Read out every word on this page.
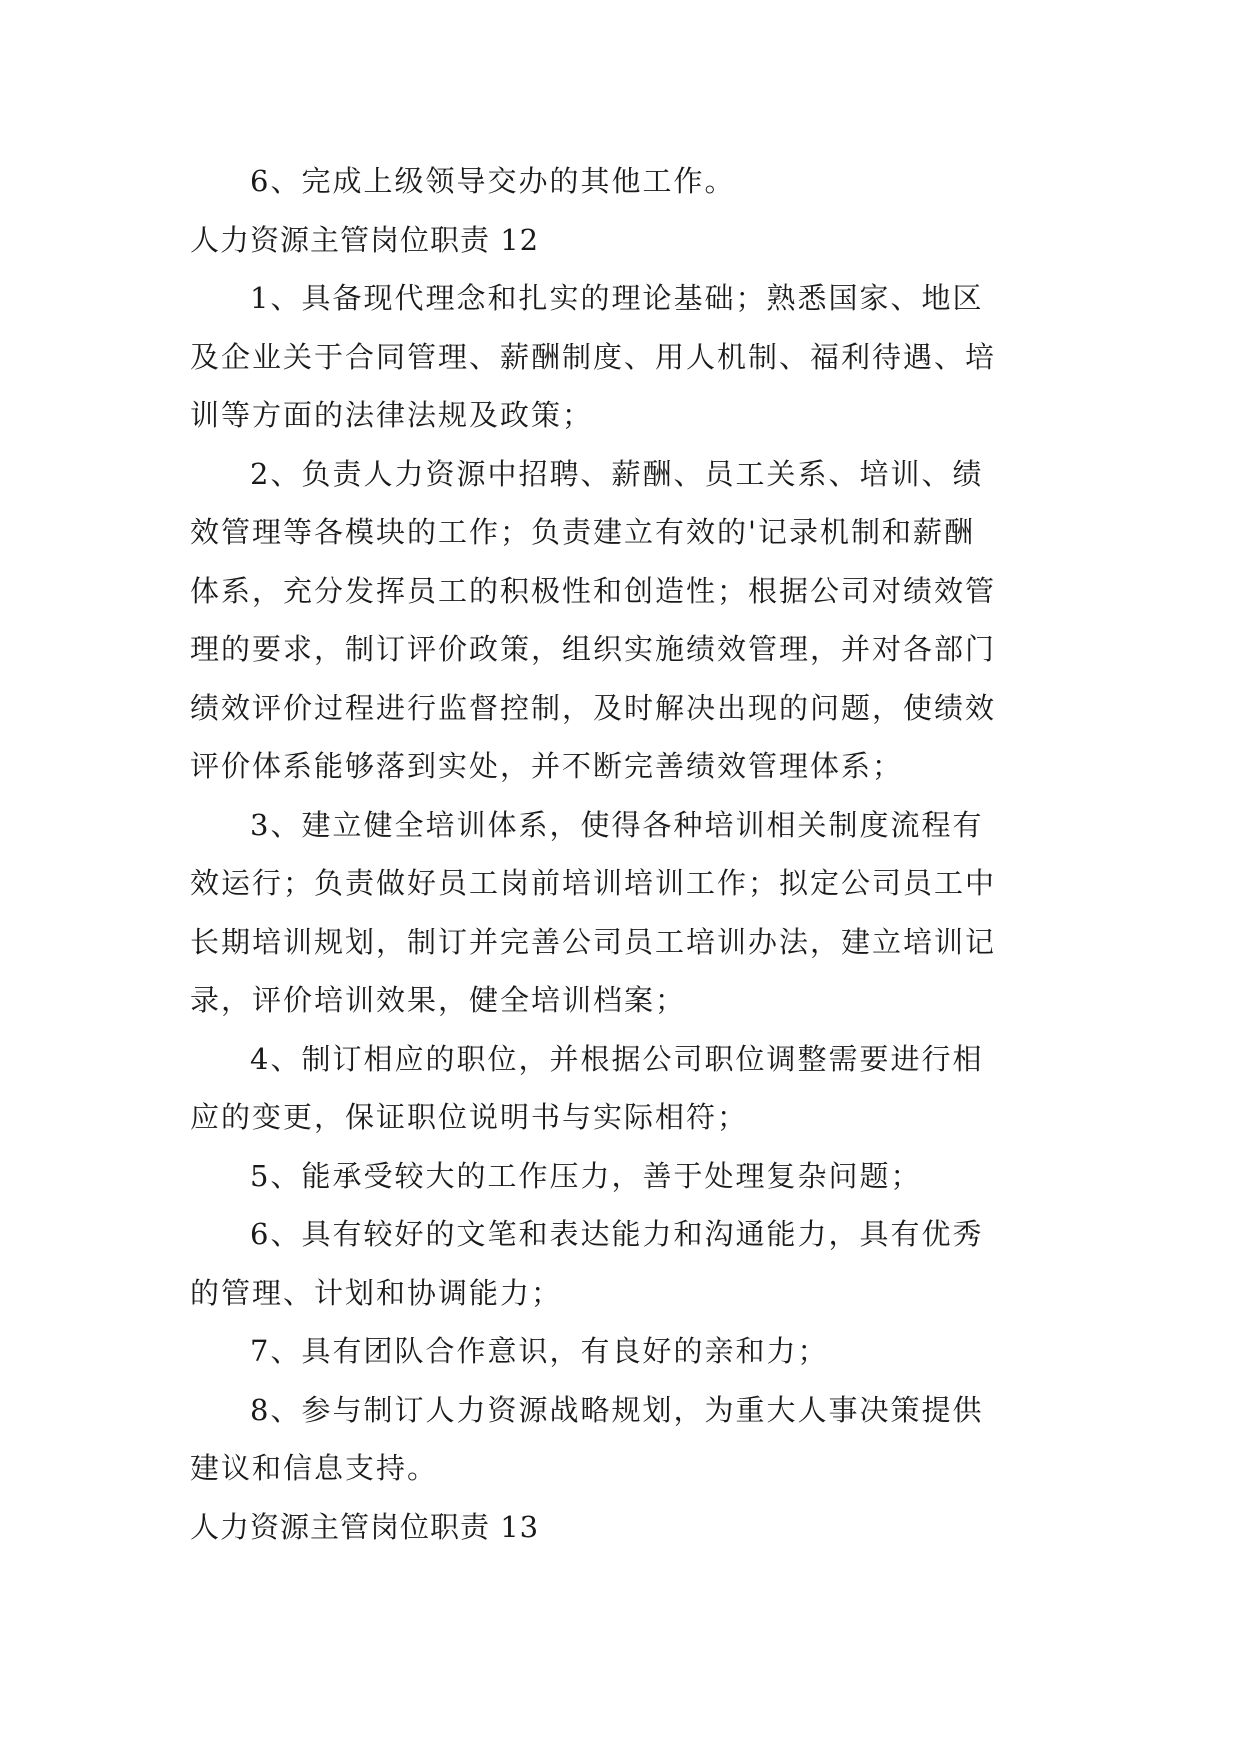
6、完成上级领导交办的其他工作。
人力资源主管岗位职责 12
1、具备现代理念和扎实的理论基础；熟悉国家、地区
及企业关于合同管理、薪酬制度、用人机制、福利待遇、培
训等方面的法律法规及政策；
2、负责人力资源中招聘、薪酬、员工关系、培训、绩
效管理等各模块的工作；负责建立有效的'记录机制和薪酬
体系，充分发挥员工的积极性和创造性；根据公司对绩效管
理的要求，制订评价政策，组织实施绩效管理，并对各部门
绩效评价过程进行监督控制，及时解决出现的问题，使绩效
评价体系能够落到实处，并不断完善绩效管理体系；
3、建立健全培训体系，使得各种培训相关制度流程有
效运行；负责做好员工岗前培训培训工作；拟定公司员工中
长期培训规划，制订并完善公司员工培训办法，建立培训记
录，评价培训效果，健全培训档案；
4、制订相应的职位，并根据公司职位调整需要进行相
应的变更，保证职位说明书与实际相符；
5、能承受较大的工作压力，善于处理复杂问题；
6、具有较好的文笔和表达能力和沟通能力，具有优秀
的管理、计划和协调能力；
7、具有团队合作意识，有良好的亲和力；
8、参与制订人力资源战略规划，为重大人事决策提供
建议和信息支持。
人力资源主管岗位职责 13
